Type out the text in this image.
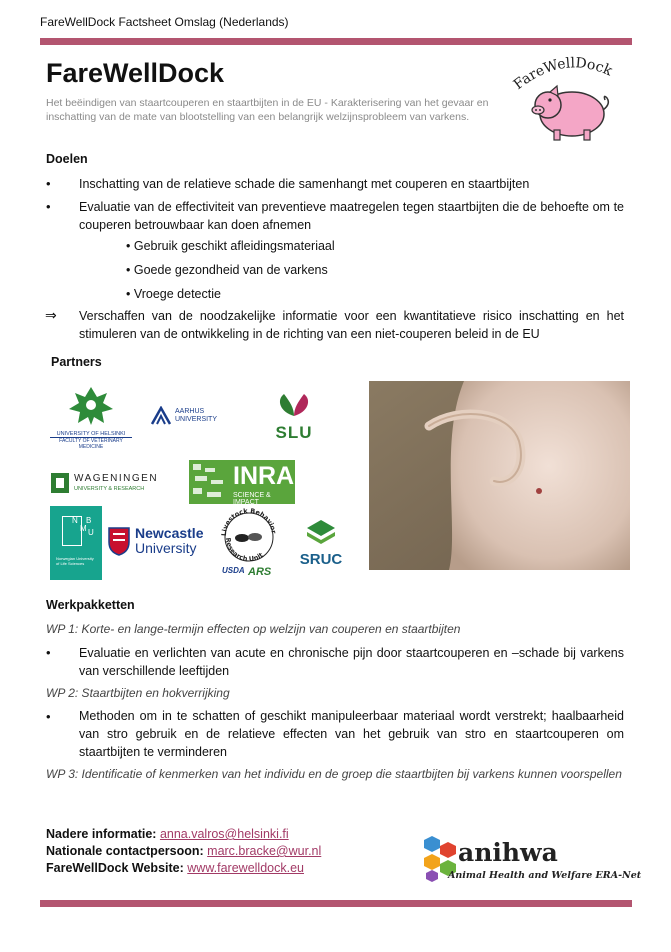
FareWellDock Factsheet Omslag (Nederlands)
FareWellDock
Het beëindigen van staartcouperen en staartbijten in de EU - Karakterisering van het gevaar en inschatting van de mate van blootstelling van een belangrijk welzijnsprobleem van varkens.
FareWellDock
Doelen
•	Inschatting van de relatieve schade die samenhangt met couperen en staartbijten
•	Evaluatie van de effectiviteit van preventieve maatregelen tegen staartbijten die de behoefte om te couperen betrouwbaar kan doen afnemen
• Gebruik geschikt afleidingsmateriaal
• Goede gezondheid van de varkens
• Vroege detectie
⇒ Verschaffen van de noodzakelijke informatie voor een kwantitatieve risico inschatting en het stimuleren van de ontwikkeling in de richting van een niet-couperen beleid in de EU
Partners
UNIVERSITY OF HELSINKI
FACULTY OF VETERINARY MEDICINE
AARHUS
UNIVERSITY
SLU
WAGENINGEN
UNIVERSITY & RESEARCH	INRA
SCIENCE & IMPACT
N
M
B
U
Norwegian University of Life Sciences
Newcastle
University
Livestock Behavior
Research Unit
USDA ARS
SRUC
Werkpakketten
WP 1: Korte- en lange-termijn effecten op welzijn van couperen en staartbijten
•	Evaluatie en verlichten van acute en chronische pijn door staartcouperen en –schade bij varkens van verschillende leeftijden
WP 2: Staartbijten en hokverrijking
•	Methoden om in te schatten of geschikt manipuleerbaar materiaal wordt verstrekt; haalbaarheid van stro gebruik en de relatieve effecten van het gebruik van stro en staartcouperen om staartbijten te verminderen
WP 3: Identificatie of kenmerken van het individu en de groep die staartbijten bij varkens kunnen voorspellen
Nadere informatie: anna.valros@helsinki.fi
Nationale contactpersoon: marc.bracke@wur.nl
FareWellDock Website: www.farewelldock.eu
anihwa
Animal Health and Welfare ERA-Net
